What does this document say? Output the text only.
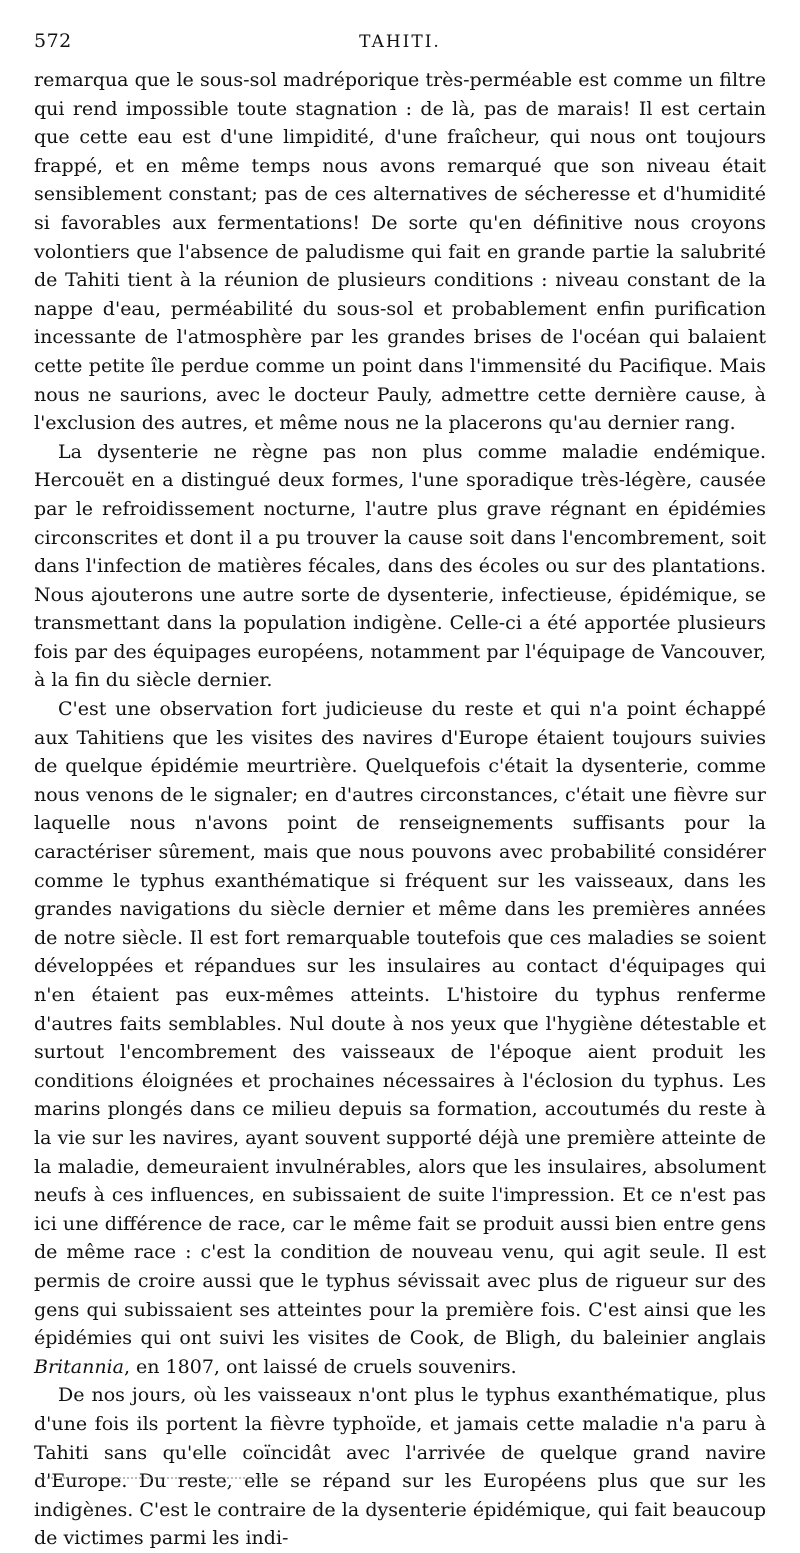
572	TAHITI.

remarqua que le sous-sol madréporique très-perméable est comme un filtre qui rend impossible toute stagnation : de là, pas de marais! Il est certain que cette eau est d'une limpidité, d'une fraîcheur, qui nous ont toujours frappé, et en même temps nous avons remarqué que son niveau était sensiblement constant; pas de ces alternatives de sécheresse et d'humidité si favorables aux fermentations! De sorte qu'en définitive nous croyons volontiers que l'absence de paludisme qui fait en grande partie la salubrité de Tahiti tient à la réunion de plusieurs conditions : niveau constant de la nappe d'eau, perméabilité du sous-sol et probablement enfin purification incessante de l'atmosphère par les grandes brises de l'océan qui balaient cette petite île perdue comme un point dans l'immensité du Pacifique. Mais nous ne saurions, avec le docteur Pauly, admettre cette dernière cause, à l'exclusion des autres, et même nous ne la placerons qu'au dernier rang.

La dysenterie ne règne pas non plus comme maladie endémique. Hercouët en a distingué deux formes, l'une sporadique très-légère, causée par le refroidissement nocturne, l'autre plus grave régnant en épidémies circonscrites et dont il a pu trouver la cause soit dans l'encombrement, soit dans l'infection de matières fécales, dans des écoles ou sur des plantations. Nous ajouterons une autre sorte de dysenterie, infectieuse, épidémique, se transmettant dans la population indigène. Celle-ci a été apportée plusieurs fois par des équipages européens, notamment par l'équipage de Vancouver, à la fin du siècle dernier.

C'est une observation fort judicieuse du reste et qui n'a point échappé aux Tahitiens que les visites des navires d'Europe étaient toujours suivies de quelque épidémie meurtrière. Quelquefois c'était la dysenterie, comme nous venons de le signaler; en d'autres circonstances, c'était une fièvre sur laquelle nous n'avons point de renseignements suffisants pour la caractériser sûrement, mais que nous pouvons avec probabilité considérer comme le typhus exanthématique si fréquent sur les vaisseaux, dans les grandes navigations du siècle dernier et même dans les premières années de notre siècle. Il est fort remarquable toutefois que ces maladies se soient développées et répandues sur les insulaires au contact d'équipages qui n'en étaient pas eux-mêmes atteints. L'histoire du typhus renferme d'autres faits semblables. Nul doute à nos yeux que l'hygiène détestable et surtout l'encombrement des vaisseaux de l'époque aient produit les conditions éloignées et prochaines nécessaires à l'éclosion du typhus. Les marins plongés dans ce milieu depuis sa formation, accoutumés du reste à la vie sur les navires, ayant souvent supporté déjà une première atteinte de la maladie, demeuraient invulnérables, alors que les insulaires, absolument neufs à ces influences, en subissaient de suite l'impression. Et ce n'est pas ici une différence de race, car le même fait se produit aussi bien entre gens de même race : c'est la condition de nouveau venu, qui agit seule. Il est permis de croire aussi que le typhus sévissait avec plus de rigueur sur des gens qui subissaient ses atteintes pour la première fois. C'est ainsi que les épidémies qui ont suivi les visites de Cook, de Bligh, du baleinier anglais Britannia, en 1807, ont laissé de cruels souvenirs.

De nos jours, où les vaisseaux n'ont plus le typhus exanthématique, plus d'une fois ils portent la fièvre typhoïde, et jamais cette maladie n'a paru à Tahiti sans qu'elle coïncidât avec l'arrivée de quelque grand navire d'Europe. Du reste, elle se répand sur les Européens plus que sur les indigènes. C'est le contraire de la dysenterie épidémique, qui fait beaucoup de victimes parmi les indi-
